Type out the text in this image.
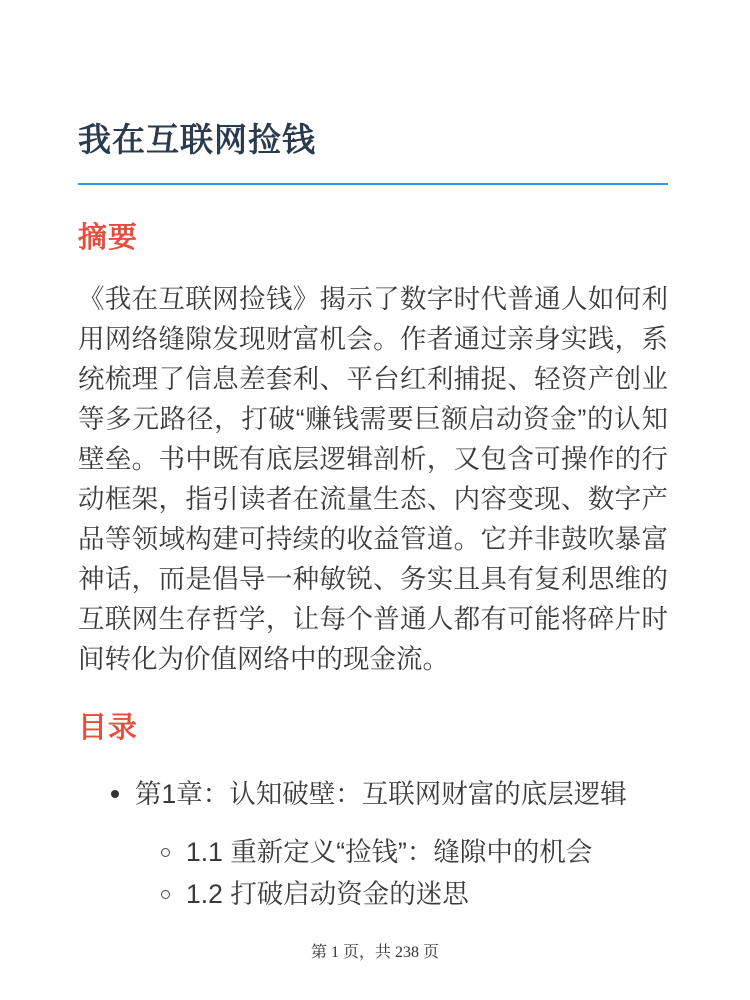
我在互联网捡钱
摘要

《我在互联网捡钱》揭示了数字时代普通人如何利用网络缝隙发现财富机会。作者通过亲身实践，系统梳理了信息差套利、平台红利捕捉、轻资产创业等多元路径，打破“赚钱需要巨额启动资金”的认知壁垒。书中既有底层逻辑剖析，又包含可操作的行动框架，指引读者在流量生态、内容变现、数字产品等领域构建可持续的收益管道。它并非鼓吹暴富神话，而是倡导一种敏锐、务实且具有复利思维的互联网生存哲学，让每个普通人都有可能将碎片时间转化为价值网络中的现金流。

目录
第1章：认知破壁：互联网财富的底层逻辑
1.1 重新定义“捡钱”：缝隙中的机会
1.2 打破启动资金的迷思
第 1 页，共 238 页
